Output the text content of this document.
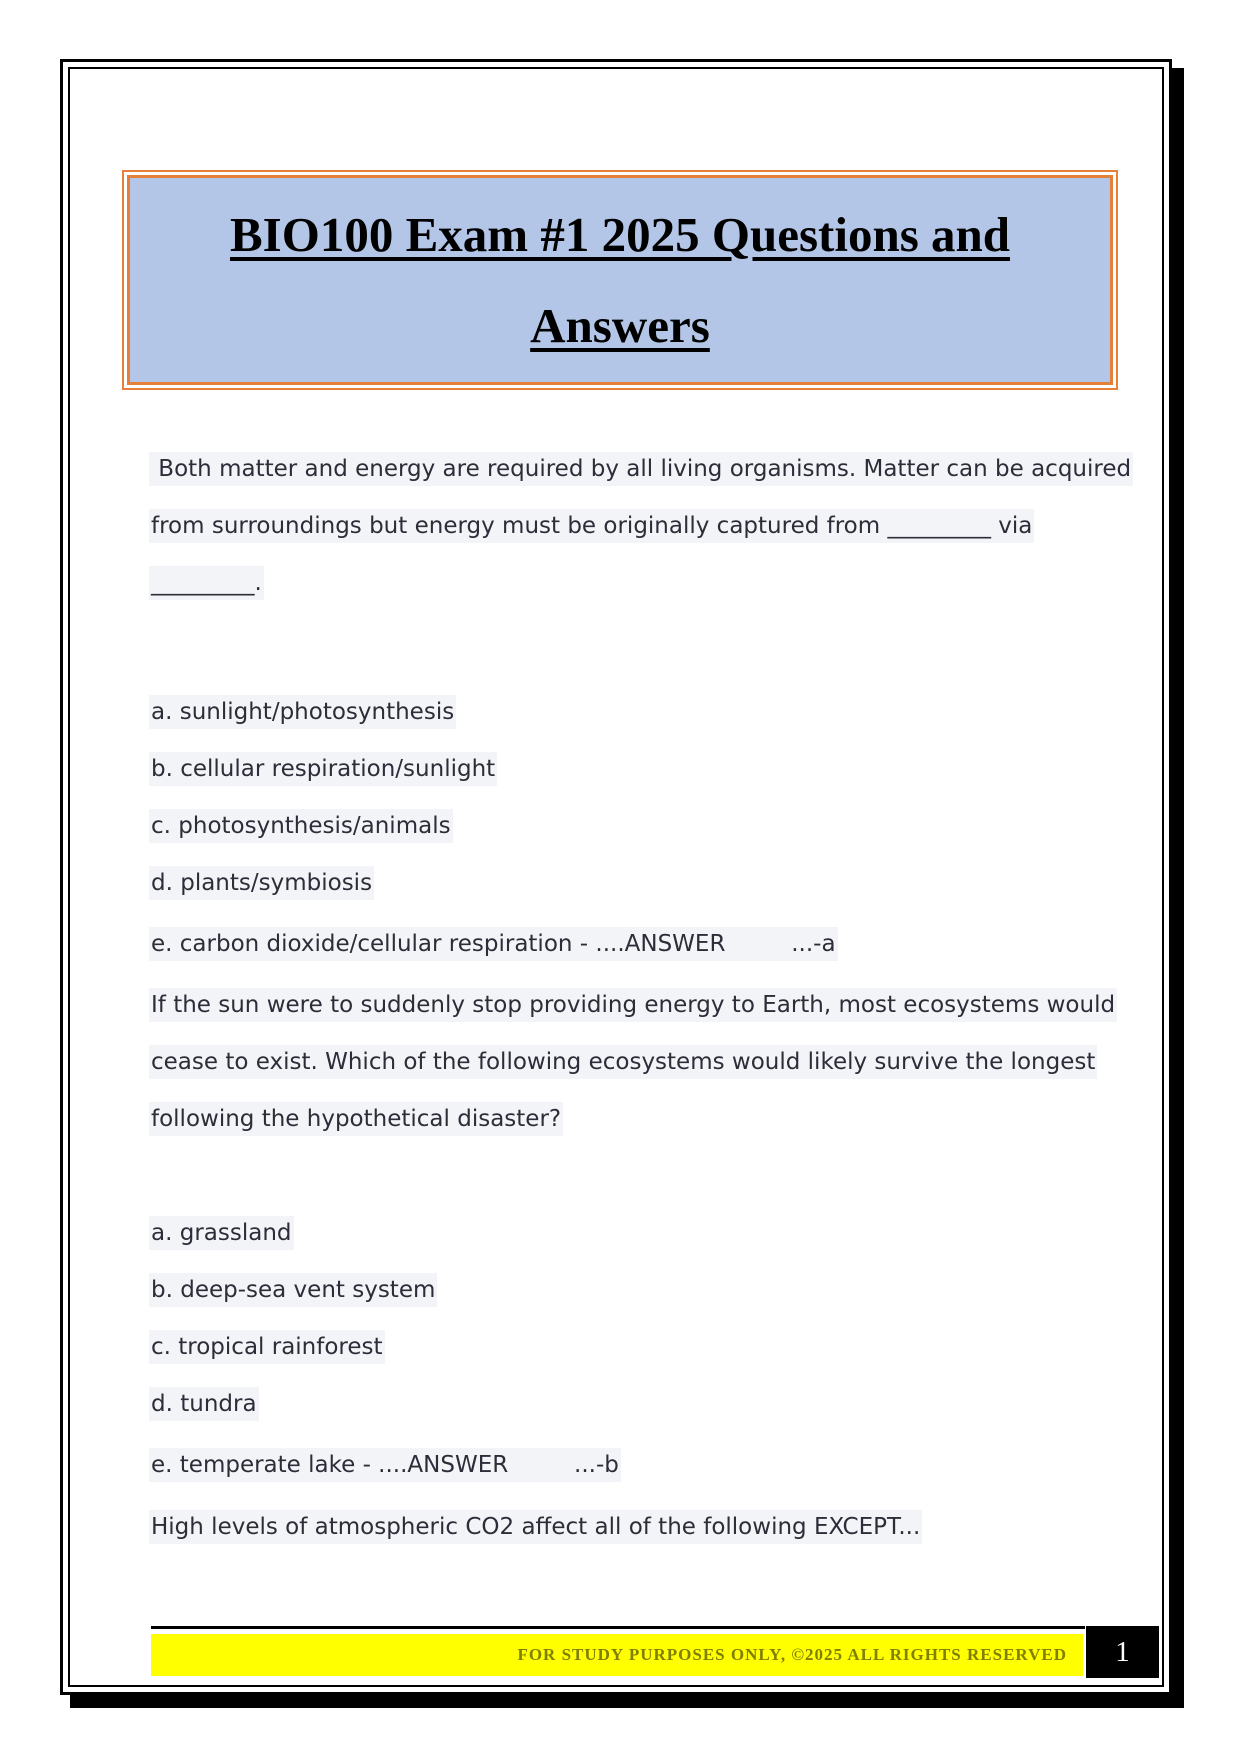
BIO100 Exam #1 2025 Questions and Answers
Both matter and energy are required by all living organisms. Matter can be acquired
from surroundings but energy must be originally captured from _________ via
_________.
a. sunlight/photosynthesis
b. cellular respiration/sunlight
c. photosynthesis/animals
d. plants/symbiosis
e. carbon dioxide/cellular respiration - ....ANSWER         ...-a
If the sun were to suddenly stop providing energy to Earth, most ecosystems would
cease to exist. Which of the following ecosystems would likely survive the longest
following the hypothetical disaster?
a. grassland
b. deep-sea vent system
c. tropical rainforest
d. tundra
e. temperate lake - ....ANSWER         ...-b
High levels of atmospheric CO2 affect all of the following EXCEPT...
FOR STUDY PURPOSES ONLY, ©2025 ALL RIGHTS RESERVED 1
